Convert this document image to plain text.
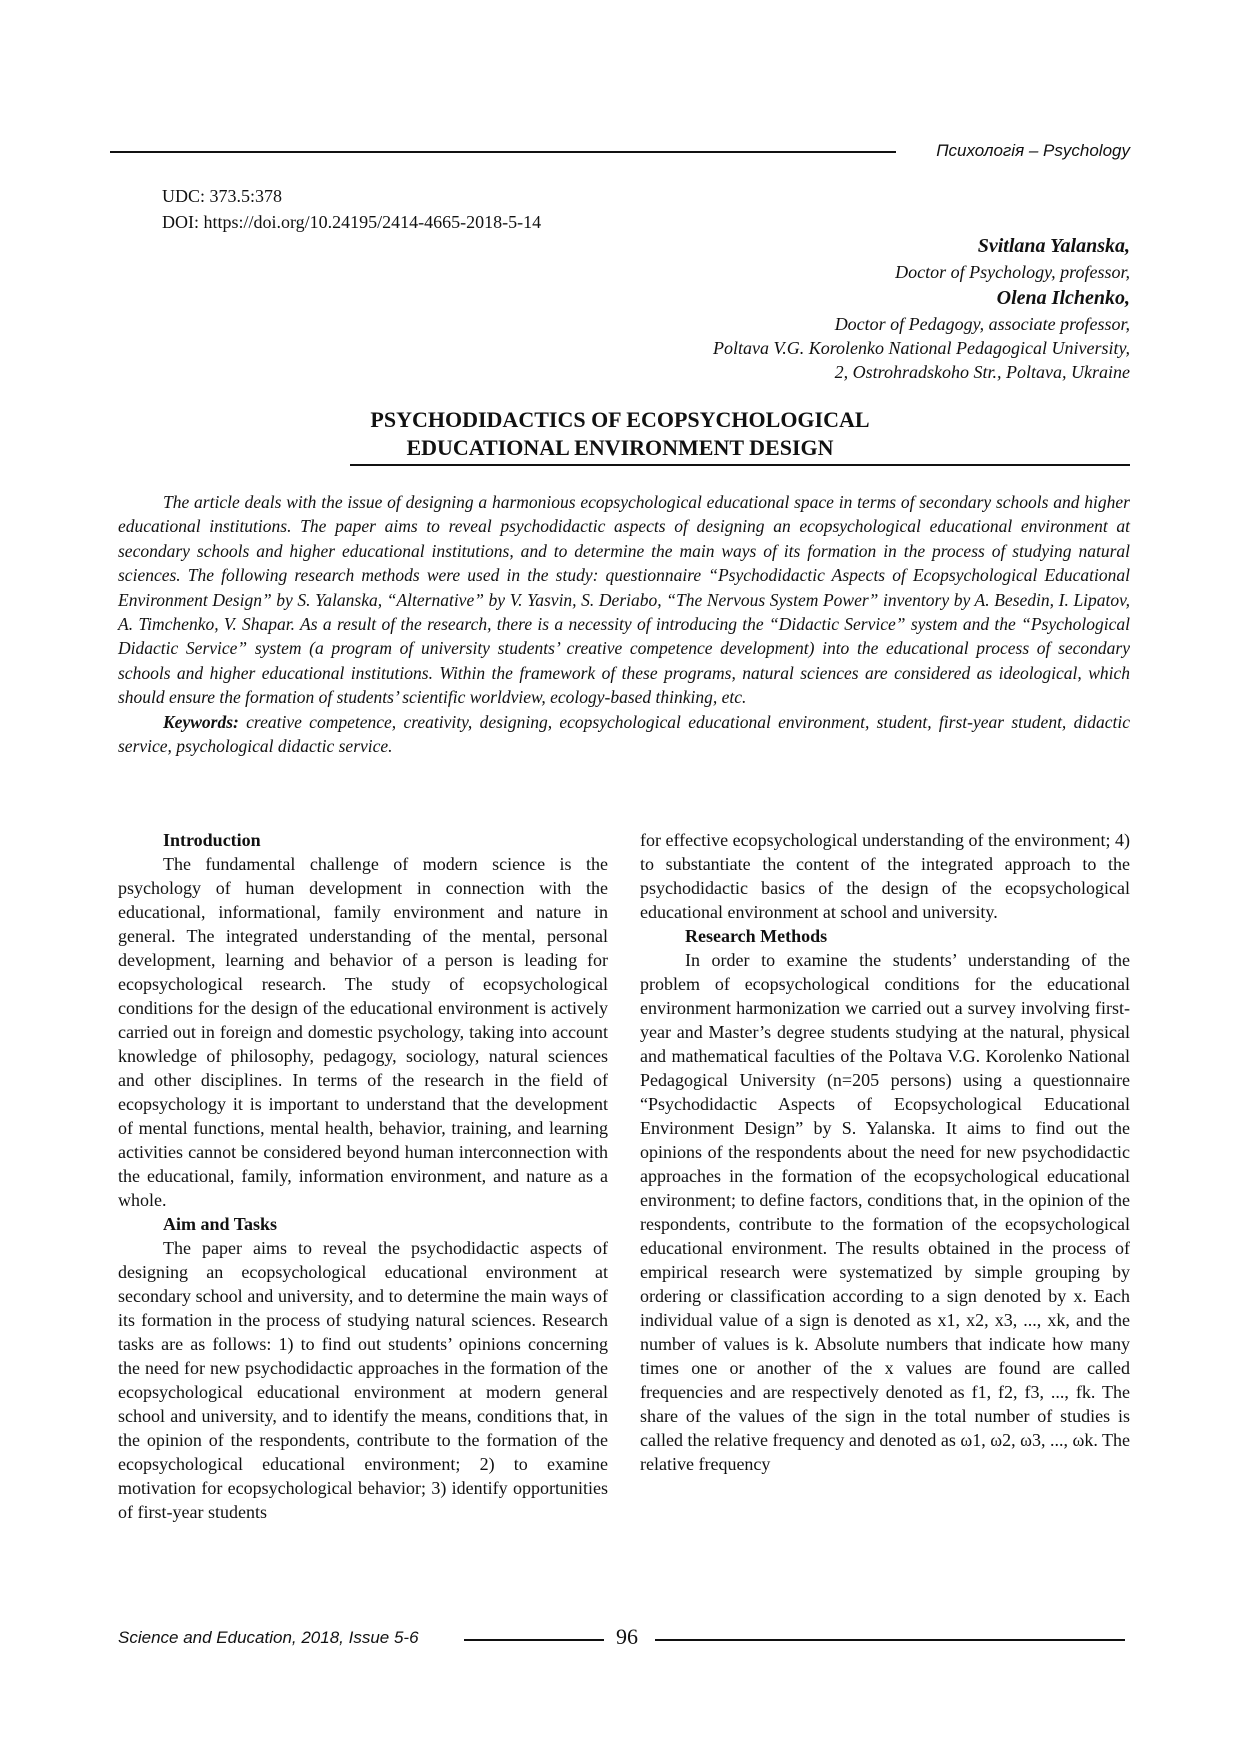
Психологія – Psychology
UDC: 373.5:378
DOI: https://doi.org/10.24195/2414-4665-2018-5-14
Svitlana Yalanska,
Doctor of Psychology, professor,
Olena Ilchenko,
Doctor of Pedagogy, associate professor,
Poltava V.G. Korolenko National Pedagogical University,
2, Ostrohradskoho Str., Poltava, Ukraine
PSYCHODIDACTICS OF ECOPSYCHOLOGICAL
EDUCATIONAL ENVIRONMENT DESIGN

The article deals with the issue of designing a harmonious ecopsychological educational space in terms of secondary schools and higher educational institutions. The paper aims to reveal psychodidactic aspects of designing an ecopsychological educational environment at secondary schools and higher educational institutions, and to determine the main ways of its formation in the process of studying natural sciences. The following research methods were used in the study: questionnaire “Psychodidactic Aspects of Ecopsychological Educational Environment Design” by S. Yalanska, “Alternative” by V. Yasvin, S. Deriabo, “The Nervous System Power” inventory by A. Besedin, I. Lipatov, A. Timchenko, V. Shapar. As a result of the research, there is a necessity of introducing the “Didactic Service” system and the “Psychological Didactic Service” system (a program of university students’ creative competence development) into the educational process of secondary schools and higher educational institutions. Within the framework of these programs, natural sciences are considered as ideological, which should ensure the formation of students’ scientific worldview, ecology-based thinking, etc.

Keywords: creative competence, creativity, designing, ecopsychological educational environment, student, first-year student, didactic service, psychological didactic service.

Introduction

The fundamental challenge of modern science is the psychology of human development in connection with the educational, informational, family environment and nature in general. The integrated understanding of the mental, personal development, learning and behavior of a person is leading for ecopsychological research. The study of ecopsychological conditions for the design of the educational environment is actively carried out in foreign and domestic psychology, taking into account knowledge of philosophy, pedagogy, sociology, natural sciences and other disciplines. In terms of the research in the field of ecopsychology it is important to understand that the development of mental functions, mental health, behavior, training, and learning activities cannot be considered beyond human interconnection with the educational, family, information environment, and nature as a whole.

Aim and Tasks

The paper aims to reveal the psychodidactic aspects of designing an ecopsychological educational environment at secondary school and university, and to determine the main ways of its formation in the process of studying natural sciences. Research tasks are as follows: 1) to find out students’ opinions concerning the need for new psychodidactic approaches in the formation of the ecopsychological educational environment at modern general school and university, and to identify the means, conditions that, in the opinion of the respondents, contribute to the formation of the ecopsychological educational environment; 2) to examine motivation for ecopsychological behavior; 3) identify opportunities of first-year students

for effective ecopsychological understanding of the environment; 4) to substantiate the content of the integrated approach to the psychodidactic basics of the design of the ecopsychological educational environment at school and university.

Research Methods

In order to examine the students’ understanding of the problem of ecopsychological conditions for the educational environment harmonization we carried out a survey involving first-year and Master’s degree students studying at the natural, physical and mathematical faculties of the Poltava V.G. Korolenko National Pedagogical University (n=205 persons) using a questionnaire “Psychodidactic Aspects of Ecopsychological Educational Environment Design” by S. Yalanska. It aims to find out the opinions of the respondents about the need for new psychodidactic approaches in the formation of the ecopsychological educational environment; to define factors, conditions that, in the opinion of the respondents, contribute to the formation of the ecopsychological educational environment. The results obtained in the process of empirical research were systematized by simple grouping by ordering or classification according to a sign denoted by x. Each individual value of a sign is denoted as x1, x2, x3, ..., xk, and the number of values is k. Absolute numbers that indicate how many times one or another of the x values are found are called frequencies and are respectively denoted as f1, f2, f3, ..., fk. The share of the values of the sign in the total number of studies is called the relative frequency and denoted as ω1, ω2, ω3, ..., ωk. The relative frequency

Science and Education, 2018, Issue 5-6	96
